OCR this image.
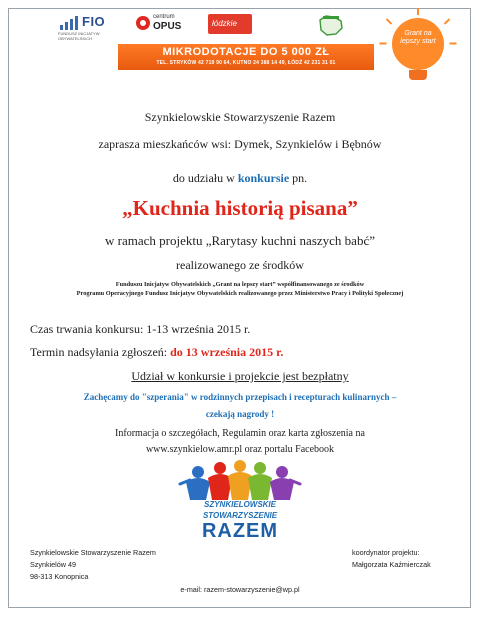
FIO
FUNDUSZ INICJATYW OBYWATELSKICH
centrum
OPUS	łódzkie
MIKRODOTACJE DO 5 000 ZŁ
TEL. STRYKÓW 42 719 90 64, KUTNO 24 388 14 49, ŁÓDŹ 42 231 31 01
Grant na lepszy start
Szynkielowskie Stowarzyszenie Razem
zaprasza mieszkańców wsi: Dymek, Szynkielów i Bębnów
do udziału w konkursie pn.
„Kuchnia historią pisana”
w ramach projektu „Rarytasy kuchni naszych babć”
realizowanego ze środków
Funduszu Inicjatyw Obywatelskich „Grant na lepszy start” współfinansowanego ze środków
Programu Operacyjnego Fundusz Inicjatyw Obywatelskich realizowanego przez Ministerstwo Pracy i Polityki Społecznej
Czas trwania konkursu: 1-13 września 2015 r.
Termin nadsyłania zgłoszeń: do 13 września 2015 r.
Udział w konkursie i projekcie jest bezpłatny
Zachęcamy do "szperania" w rodzinnych przepisach i recepturach kulinarnych –
czekają nagrody !
Informacja o szczegółach, Regulamin oraz karta zgłoszenia na
www.szynkielow.amr.pl oraz portalu Facebook
SZYNKIELOWSKIE
STOWARZYSZENIE
RAZEM
Szynkielowskie Stowarzyszenie Razem
Szynkielów 49
98-313 Konopnica
koordynator projektu:
Małgorzata Kaźmierczak
e-mail: razem-stowarzyszenie@wp.pl
